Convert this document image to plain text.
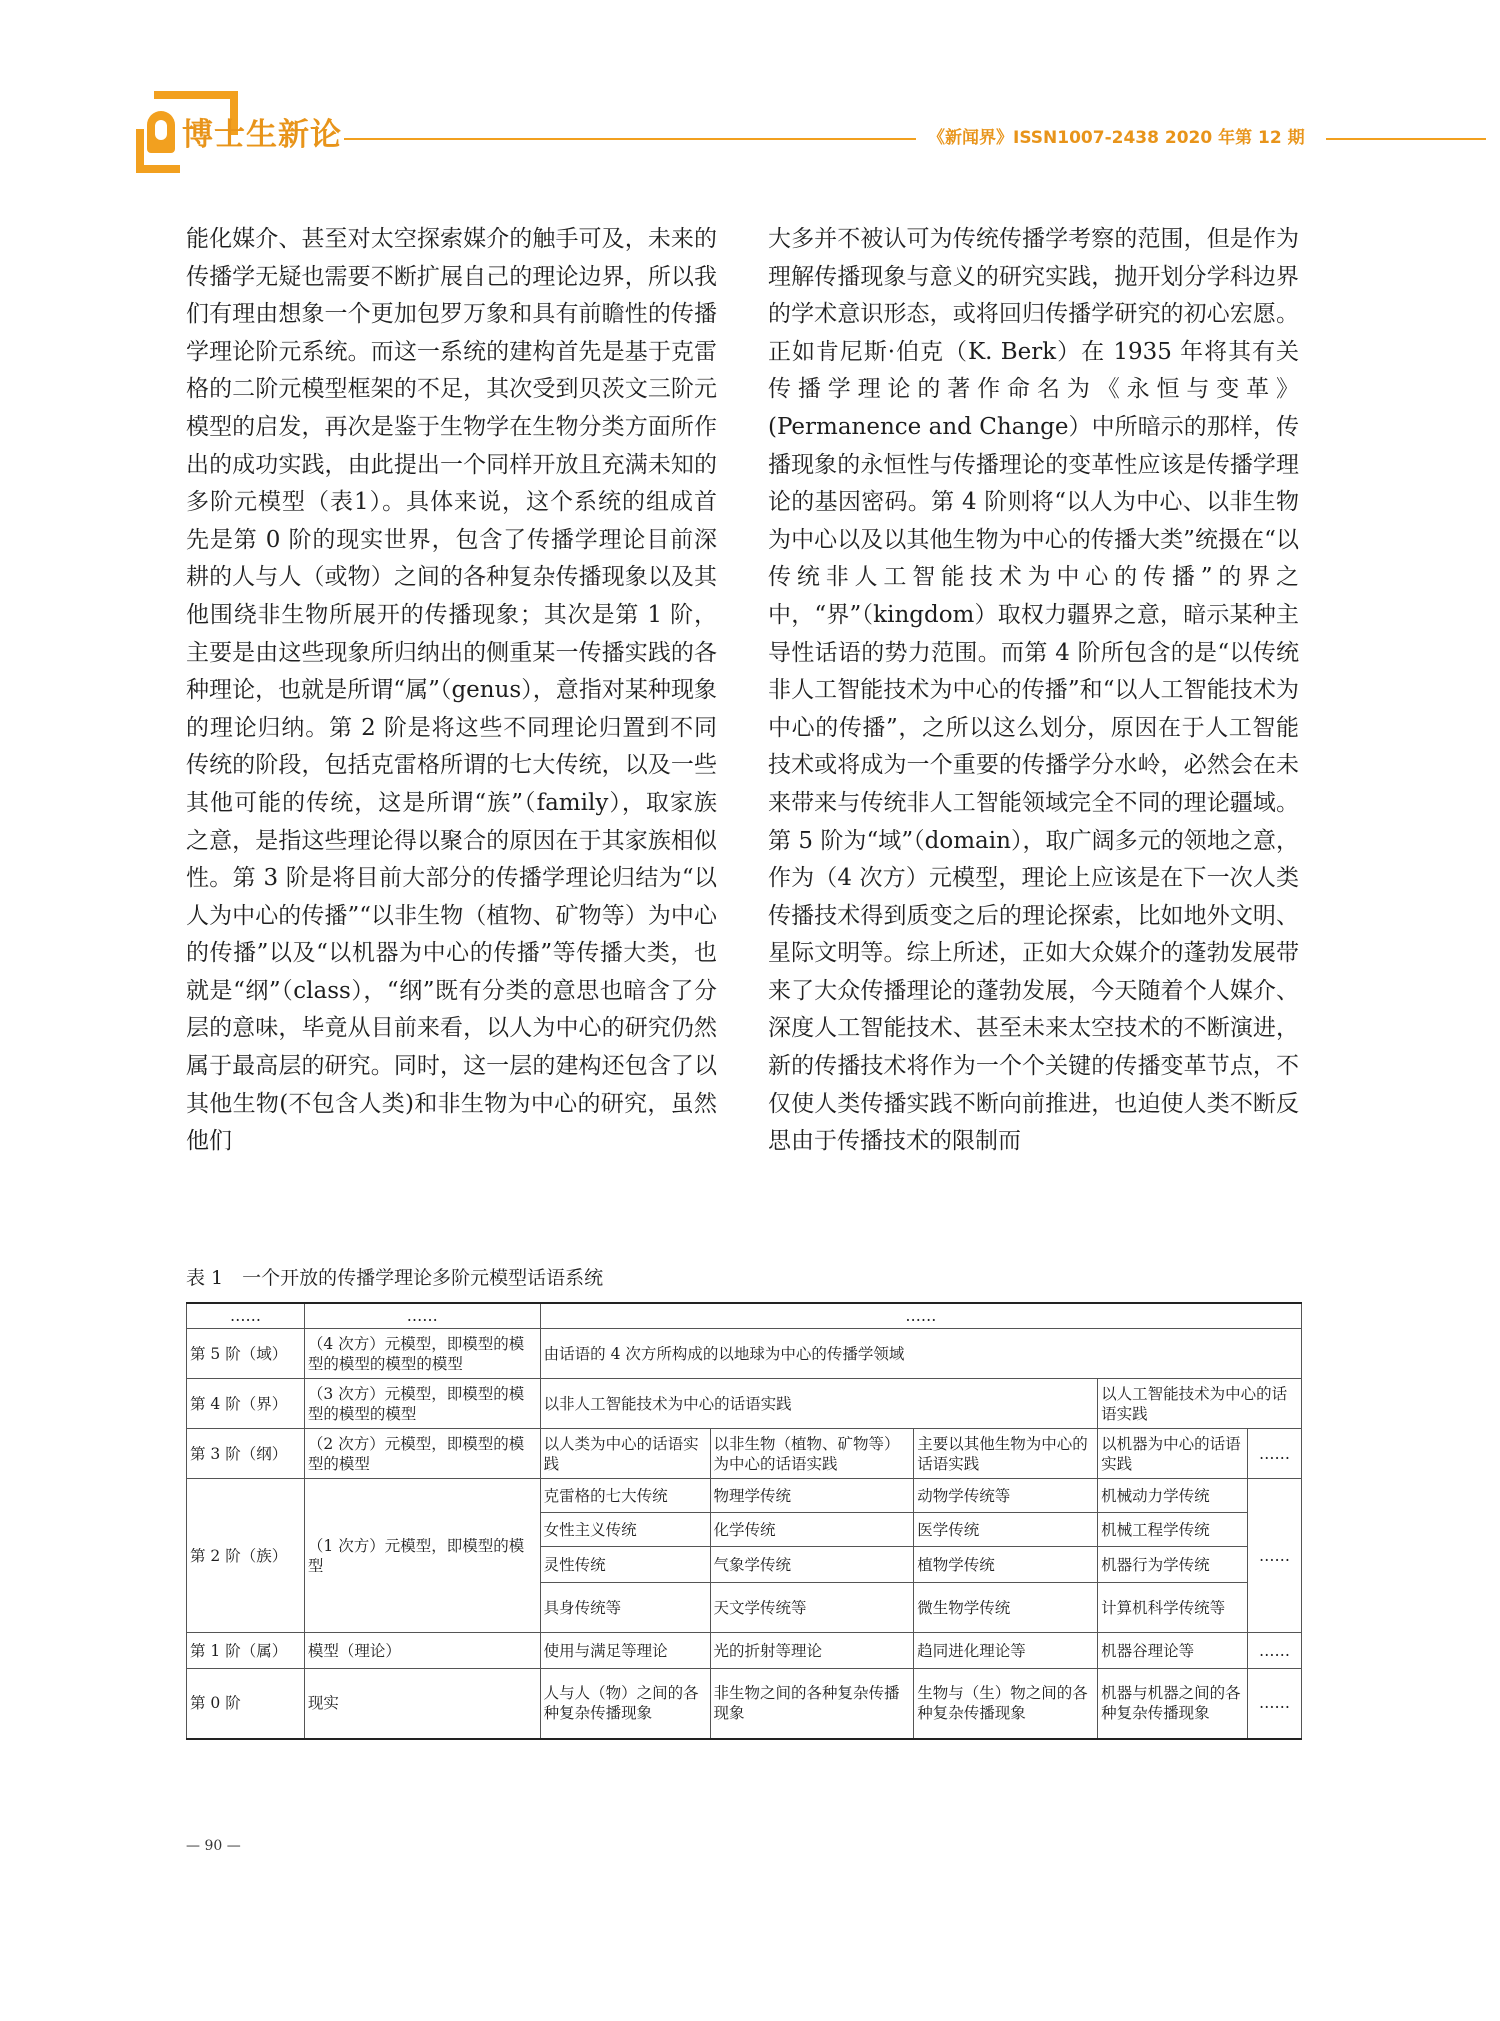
博士生新论	《新闻界》ISSN1007-2438 2020 年第 12 期
能化媒介、甚至对太空探索媒介的触手可及，未来的传播学无疑也需要不断扩展自己的理论边界，所以我们有理由想象一个更加包罗万象和具有前瞻性的传播学理论阶元系统。而这一系统的建构首先是基于克雷格的二阶元模型框架的不足，其次受到贝茨文三阶元模型的启发，再次是鉴于生物学在生物分类方面所作出的成功实践，由此提出一个同样开放且充满未知的多阶元模型（表1）。具体来说，这个系统的组成首先是第 0 阶的现实世界，包含了传播学理论目前深耕的人与人（或物）之间的各种复杂传播现象以及其他围绕非生物所展开的传播现象；其次是第 1 阶，主要是由这些现象所归纳出的侧重某一传播实践的各种理论，也就是所谓“属”（genus），意指对某种现象的理论归纳。第 2 阶是将这些不同理论归置到不同传统的阶段，包括克雷格所谓的七大传统，以及一些其他可能的传统，这是所谓“族”（family），取家族之意，是指这些理论得以聚合的原因在于其家族相似性。第 3 阶是将目前大部分的传播学理论归结为“以人为中心的传播”“以非生物（植物、矿物等）为中心的传播”以及“以机器为中心的传播”等传播大类，也就是“纲”（class），“纲”既有分类的意思也暗含了分层的意味，毕竟从目前来看，以人为中心的研究仍然属于最高层的研究。同时，这一层的建构还包含了以其他生物(不包含人类)和非生物为中心的研究，虽然他们
大多并不被认可为传统传播学考察的范围，但是作为理解传播现象与意义的研究实践，抛开划分学科边界的学术意识形态，或将回归传播学研究的初心宏愿。正如肯尼斯·伯克（K. Berk）在 1935 年将其有关传播学理论的著作命名为《永恒与变革》(Permanence and Change）中所暗示的那样，传播现象的永恒性与传播理论的变革性应该是传播学理论的基因密码。第 4 阶则将“以人为中心、以非生物为中心以及以其他生物为中心的传播大类”统摄在“以传统非人工智能技术为中心的传播”的界之中，“界”（kingdom）取权力疆界之意，暗示某种主导性话语的势力范围。而第 4 阶所包含的是“以传统非人工智能技术为中心的传播”和“以人工智能技术为中心的传播”，之所以这么划分，原因在于人工智能技术或将成为一个重要的传播学分水岭，必然会在未来带来与传统非人工智能领域完全不同的理论疆域。第 5 阶为“域”（domain），取广阔多元的领地之意，作为（4 次方）元模型，理论上应该是在下一次人类传播技术得到质变之后的理论探索，比如地外文明、星际文明等。综上所述，正如大众媒介的蓬勃发展带来了大众传播理论的蓬勃发展，今天随着个人媒介、深度人工智能技术、甚至未来太空技术的不断演进，新的传播技术将作为一个个关键的传播变革节点，不仅使人类传播实践不断向前推进，也迫使人类不断反思由于传播技术的限制而
表 1　一个开放的传播学理论多阶元模型话语系统
……	……	……				
第 5 阶（域）	（4 次方）元模型，即模型的模型的模型的模型的模型	由话语的 4 次方所构成的以地球为中心的传播学领域				
第 4 阶（界）	（3 次方）元模型，即模型的模型的模型的模型	以非人工智能技术为中心的话语实践			以人工智能技术为中心的话语实践	
第 3 阶（纲）	（2 次方）元模型，即模型的模型的模型	以人类为中心的话语实践	以非生物（植物、矿物等）为中心的话语实践	主要以其他生物为中心的话语实践	以机器为中心的话语实践	……
第 2 阶（族）	（1 次方）元模型，即模型的模型	克雷格的七大传统	物理学传统	动物学传统等	机械动力学传统	……
		女性主义传统	化学传统	医学传统	机械工程学传统	
		灵性传统	气象学传统	植物学传统	机器行为学传统	
		具身传统等	天文学传统等	微生物学传统	计算机科学传统等	
第 1 阶（属）	模型（理论）	使用与满足等理论	光的折射等理论	趋同进化理论等	机器谷理论等	……
第 0 阶	现实	人与人（物）之间的各种复杂传播现象	非生物之间的各种复杂传播现象	生物与（生）物之间的各种复杂传播现象	机器与机器之间的各种复杂传播现象	……
— 90 —
